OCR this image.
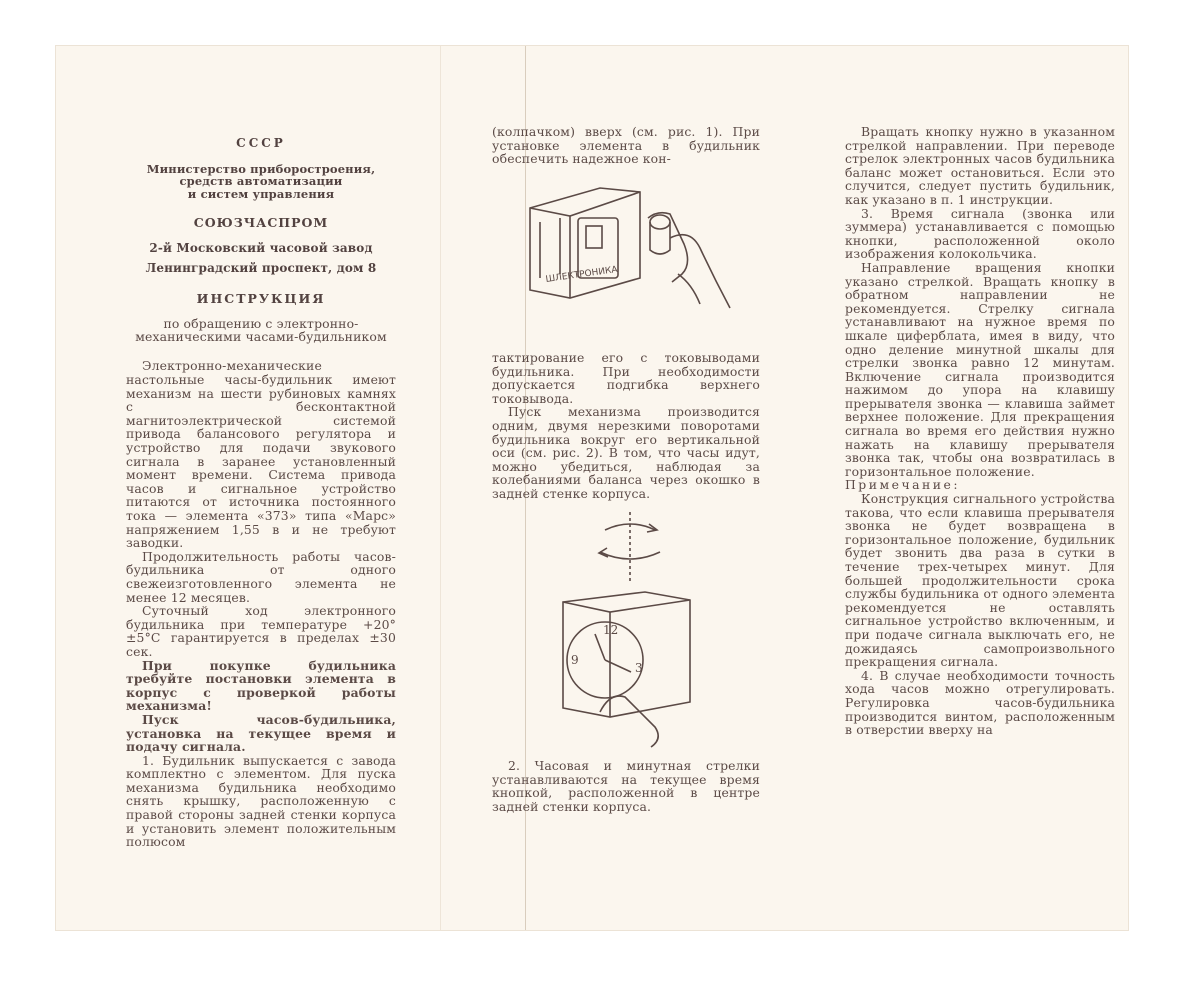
СССР
Министерство приборостроения,
средств автоматизации
и систем управления
СОЮЗЧАСПРОМ
2-й Московский часовой завод
Ленинградский проспект, дом 8
ИНСТРУКЦИЯ
по обращению с электронно-механическими часами-будильником

Электронно-механические настольные часы-будильник имеют механизм на шести рубиновых камнях с бесконтактной магнитоэлектрической системой привода балансового регулятора и устройство для подачи звукового сигнала в заранее установленный момент времени. Система привода часов и сигнальное устройство питаются от источника постоянного тока — элемента «373» типа «Марс» напряжением 1,55 в и не требуют заводки.

Продолжительность работы часов-будильника от одного свежеизготовленного элемента не менее 12 месяцев.

Суточный ход электронного будильника при температуре +20° ±5°С гарантируется в пределах ±30 сек.

При покупке будильника требуйте постановки элемента в корпус с проверкой работы механизма!

Пуск часов-будильника, установка на текущее время и подачу сигнала.

1. Будильник выпускается с завода комплектно с элементом. Для пуска механизма будильника необходимо снять крышку, расположенную с правой стороны задней стенки корпуса и установить элемент положительным полюсом

(колпачком) вверх (см. рис. 1). При установке элемента в будильник обеспечить надежное кон-

ШЛЕКТРОНИКА

тактирование его с токовыводами будильника. При необходимости допускается подгибка верхнего токовывода.

Пуск механизма производится одним, двумя нерезкими поворотами будильника вокруг его вертикальной оси (см. рис. 2). В том, что часы идут, можно убедиться, наблюдая за колебаниями баланса через окошко в задней стенке корпуса.

12
9
3

2. Часовая и минутная стрелки устанавливаются на текущее время кнопкой, расположенной в центре задней стенки корпуса.

Вращать кнопку нужно в указанном стрелкой направлении. При переводе стрелок электронных часов будильника баланс может остановиться. Если это случится, следует пустить будильник, как указано в п. 1 инструкции.

3. Время сигнала (звонка или зуммера) устанавливается с помощью кнопки, расположенной около изображения колокольчика.

Направление вращения кнопки указано стрелкой. Вращать кнопку в обратном направлении не рекомендуется. Стрелку сигнала устанавливают на нужное время по шкале циферблата, имея в виду, что одно деление минутной шкалы для стрелки звонка равно 12 минутам. Включение сигнала производится нажимом до упора на клавишу прерывателя звонка — клавиша займет верхнее положение. Для прекращения сигнала во время его действия нужно нажать на клавишу прерывателя звонка так, чтобы она возвратилась в горизонтальное положение.

Примечание:

Конструкция сигнального устройства такова, что если клавиша прерывателя звонка не будет возвращена в горизонтальное положение, будильник будет звонить два раза в сутки в течение трех-четырех минут. Для большей продолжительности срока службы будильника от одного элемента рекомендуется не оставлять сигнальное устройство включенным, и при подаче сигнала выключать его, не дожидаясь самопроизвольного прекращения сигнала.

4. В случае необходимости точность хода часов можно отрегулировать. Регулировка часов-будильника производится винтом, расположенным в отверстии вверху на
